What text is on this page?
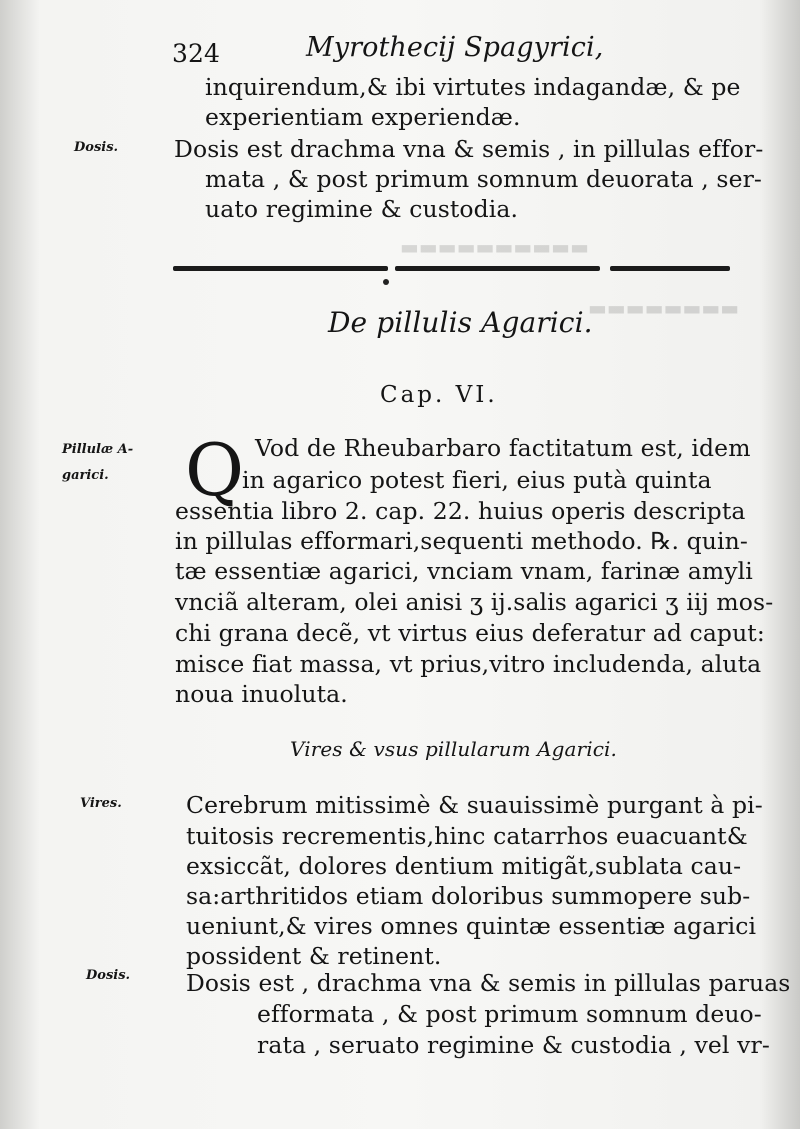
▬▬▬▬▬▬▬▬
▬▬▬▬▬▬▬▬▬▬
324	Myrothecij Spagyrici,
inquirendum,& ibi virtutes indagandæ, & pe
experientiam experiendæ.
Dosis. Dosis est drachma vna & semis , in pillulas effor-
mata , & post primum somnum deuorata , ser-
uato regimine & custodia.
De pillulis Agarici.
Cap. VI.
Pillulæ A-
garici. Q Vod de Rheubarbaro factitatum est, idem
in agarico potest fieri, eius putà quinta
essentia libro 2. cap. 22. huius operis descripta
in pillulas efformari,sequenti methodo. ℞. quin-
tæ essentiæ agarici, vnciam vnam, farinæ amyli
vnciã alteram, olei anisi ʒ ij.salis agarici ʒ iij mos-
chi grana decẽ, vt virtus eius deferatur ad caput:
misce fiat massa, vt prius,vitro includenda, aluta
noua inuoluta.
Vires & vsus pillularum Agarici.
Vires.	Cerebrum mitissimè & suauissimè purgant à pi-
tuitosis recrementis,hinc catarrhos euacuant&
exsiccãt, dolores dentium mitigãt,sublata cau-
sa:arthritidos etiam doloribus summopere sub-
ueniunt,& vires omnes quintæ essentiæ agarici
possident & retinent.
Dosis. Dosis est , drachma vna & semis in pillulas paruas
efformata , & post primum somnum deuo-
rata , seruato regimine & custodia , vel vr-
